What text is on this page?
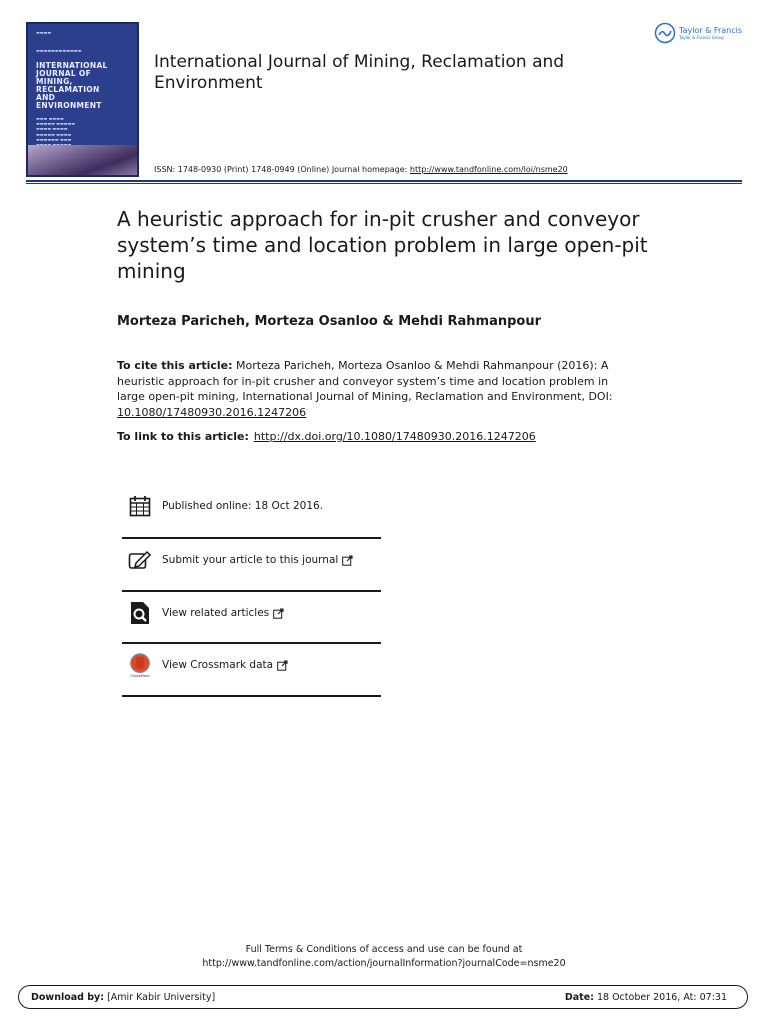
▬▬▬▬
▬▬▬▬▬▬▬▬▬▬▬▬
INTERNATIONAL JOURNAL OF
MINING,
RECLAMATION
AND
ENVIRONMENT
▬▬▬ ▬▬▬▬
▬▬▬▬▬ ▬▬▬▬▬
▬▬▬▬ ▬▬▬▬
▬▬▬▬▬ ▬▬▬▬
▬▬▬▬▬▬ ▬▬▬

International Journal of Mining, Reclamation and Environment
Taylor & Francis
Taylor & Francis Group
ISSN: 1748-0930 (Print) 1748-0949 (Online) Journal homepage: http://www.tandfonline.com/loi/nsme20
A heuristic approach for in-pit crusher and conveyor system’s time and location problem in large open-pit mining
Morteza Paricheh, Morteza Osanloo & Mehdi Rahmanpour
To cite this article: Morteza Paricheh, Morteza Osanloo & Mehdi Rahmanpour (2016): A heuristic approach for in-pit crusher and conveyor system’s time and location problem in large open-pit mining, International Journal of Mining, Reclamation and Environment, DOI: 10.1080/17480930.2016.1247206
To link to this article: http://dx.doi.org/10.1080/17480930.2016.1247206
Published online: 18 Oct 2016.
Submit your article to this journal
View related articles
CrossMark
View Crossmark data
Full Terms & Conditions of access and use can be found at
http://www.tandfonline.com/action/journalInformation?journalCode=nsme20
Download by: [Amir Kabir University]	Date: 18 October 2016, At: 07:31
